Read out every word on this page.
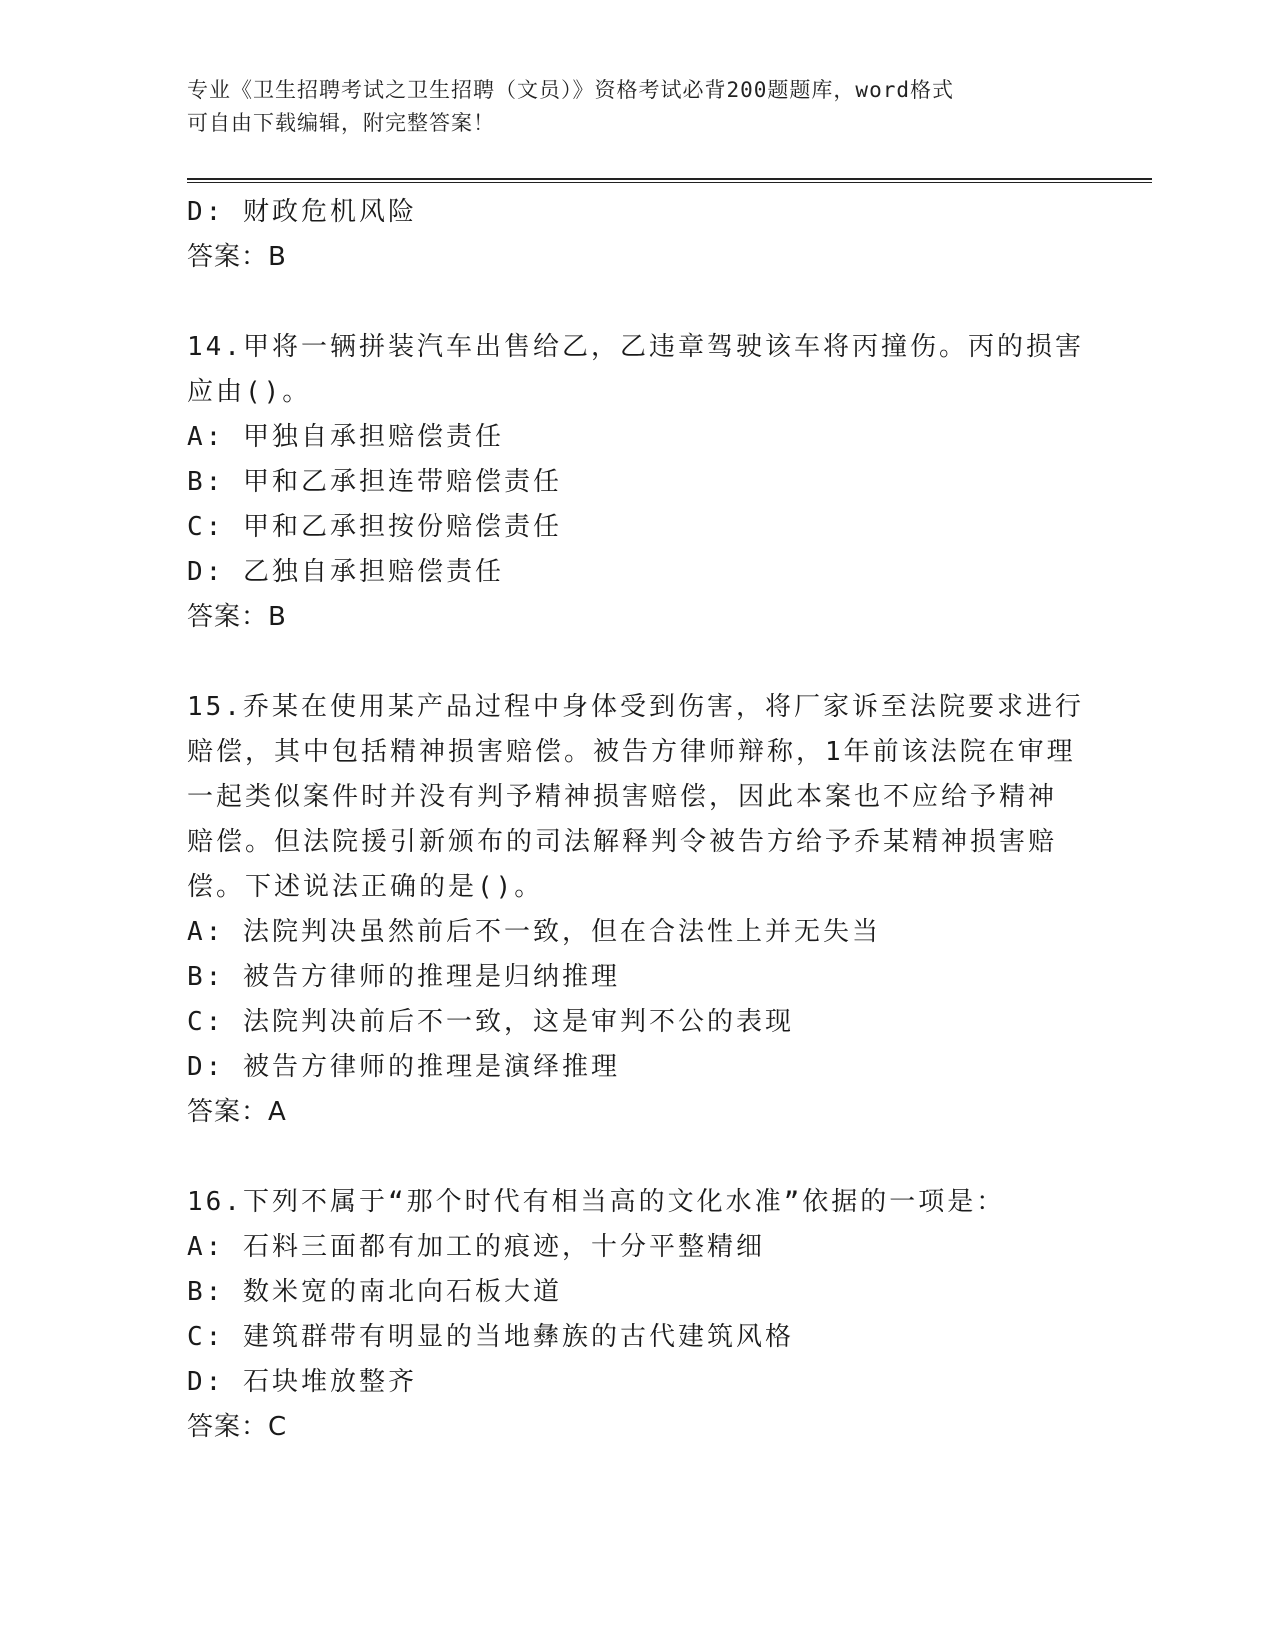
专业《卫生招聘考试之卫生招聘（文员）》资格考试必背200题题库，word格式
可自由下载编辑，附完整答案！
D: 财政危机风险
答案：B
14.甲将一辆拼装汽车出售给乙，乙违章驾驶该车将丙撞伤。丙的损害
应由()。
A: 甲独自承担赔偿责任
B: 甲和乙承担连带赔偿责任
C: 甲和乙承担按份赔偿责任
D: 乙独自承担赔偿责任
答案：B
15.乔某在使用某产品过程中身体受到伤害，将厂家诉至法院要求进行
赔偿，其中包括精神损害赔偿。被告方律师辩称，1年前该法院在审理
一起类似案件时并没有判予精神损害赔偿，因此本案也不应给予精神
赔偿。但法院援引新颁布的司法解释判令被告方给予乔某精神损害赔
偿。下述说法正确的是()。
A: 法院判决虽然前后不一致，但在合法性上并无失当
B: 被告方律师的推理是归纳推理
C: 法院判决前后不一致，这是审判不公的表现
D: 被告方律师的推理是演绎推理
答案：A
16.下列不属于“那个时代有相当高的文化水准”依据的一项是：
A: 石料三面都有加工的痕迹，十分平整精细
B: 数米宽的南北向石板大道
C: 建筑群带有明显的当地彝族的古代建筑风格
D: 石块堆放整齐
答案：C
